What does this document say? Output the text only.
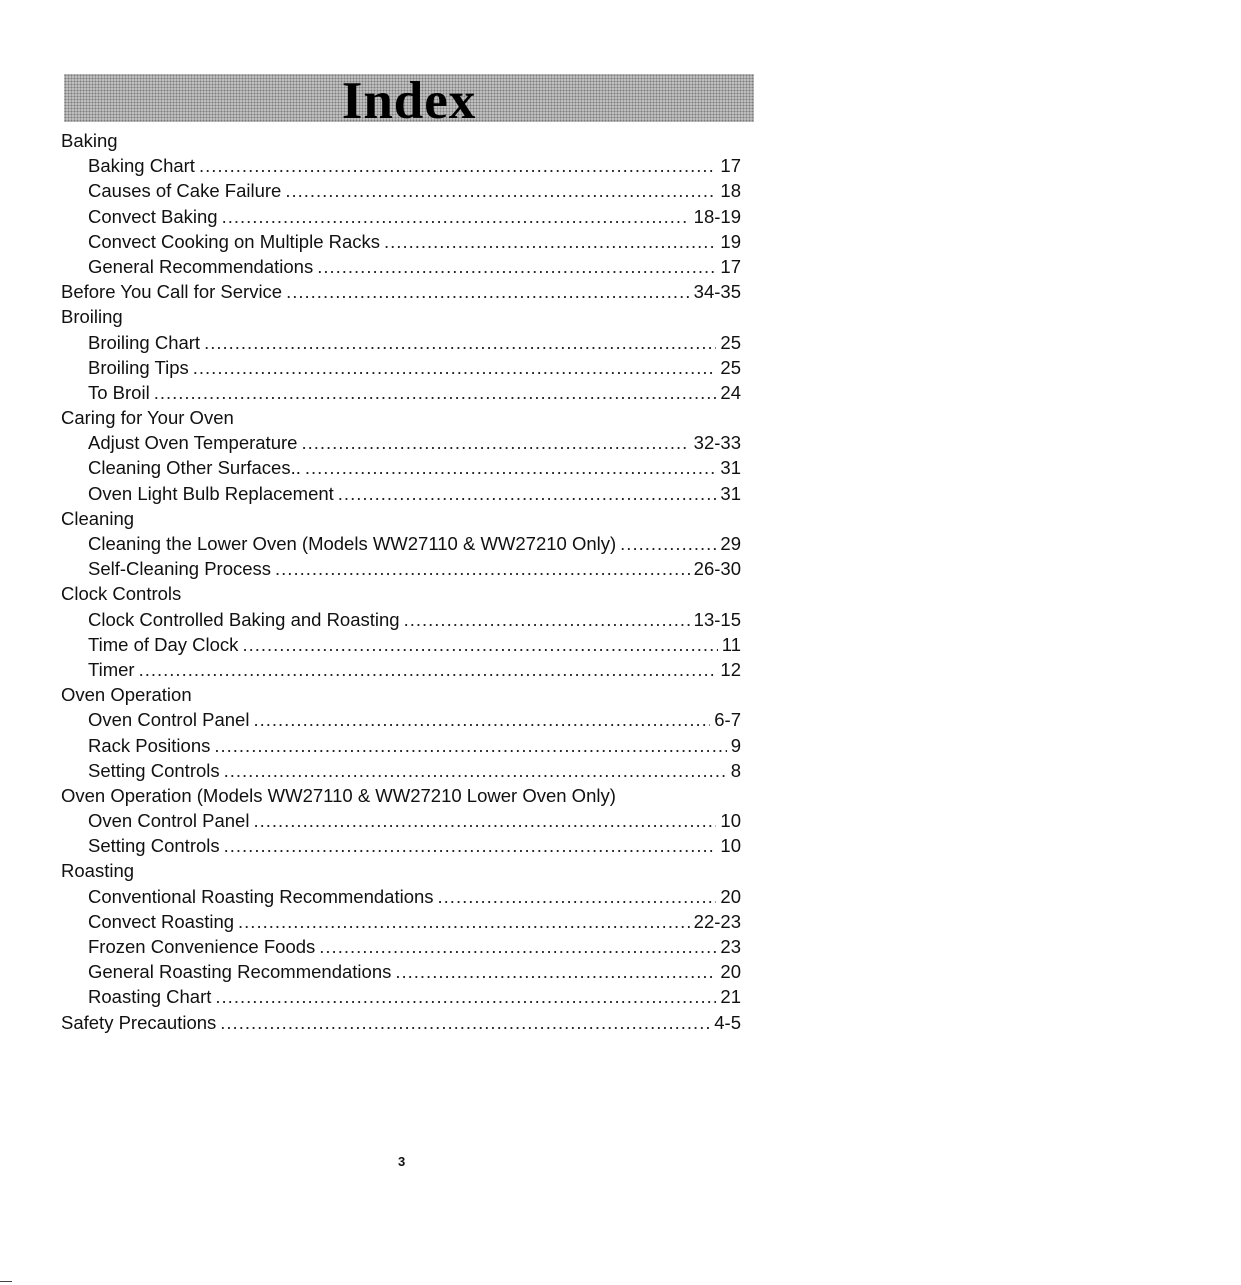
Index
Baking
Baking Chart .....	17
Causes of Cake Failure .....	18
Convect Baking .....	18-19
Convect Cooking on Multiple Racks .....	19
General Recommendations .....	17
Before You Call for Service .....	34-35
Broiling
Broiling Chart .....	25
Broiling Tips .....	25
To Broil .....	24
Caring for Your Oven
Adjust Oven Temperature .....	32-33
Cleaning Other Surfaces.. .....	31
Oven Light Bulb Replacement .....	31
Cleaning
Cleaning the Lower Oven (Models WW27110 & WW27210 Only) .....	29
Self-Cleaning Process .....	26-30
Clock Controls
Clock Controlled Baking and Roasting .....	13-15
Time of Day Clock .....	11
Timer .....	12
Oven Operation
Oven Control Panel .....	6-7
Rack Positions .....	9
Setting Controls .....	8
Oven Operation (Models WW27110 & WW27210 Lower Oven Only)
Oven Control Panel .....	10
Setting Controls .....	10
Roasting
Conventional Roasting Recommendations .....	20
Convect Roasting .....	22-23
Frozen Convenience Foods .....	23
General Roasting Recommendations .....	20
Roasting Chart .....	21
Safety Precautions .....	4-5
3
